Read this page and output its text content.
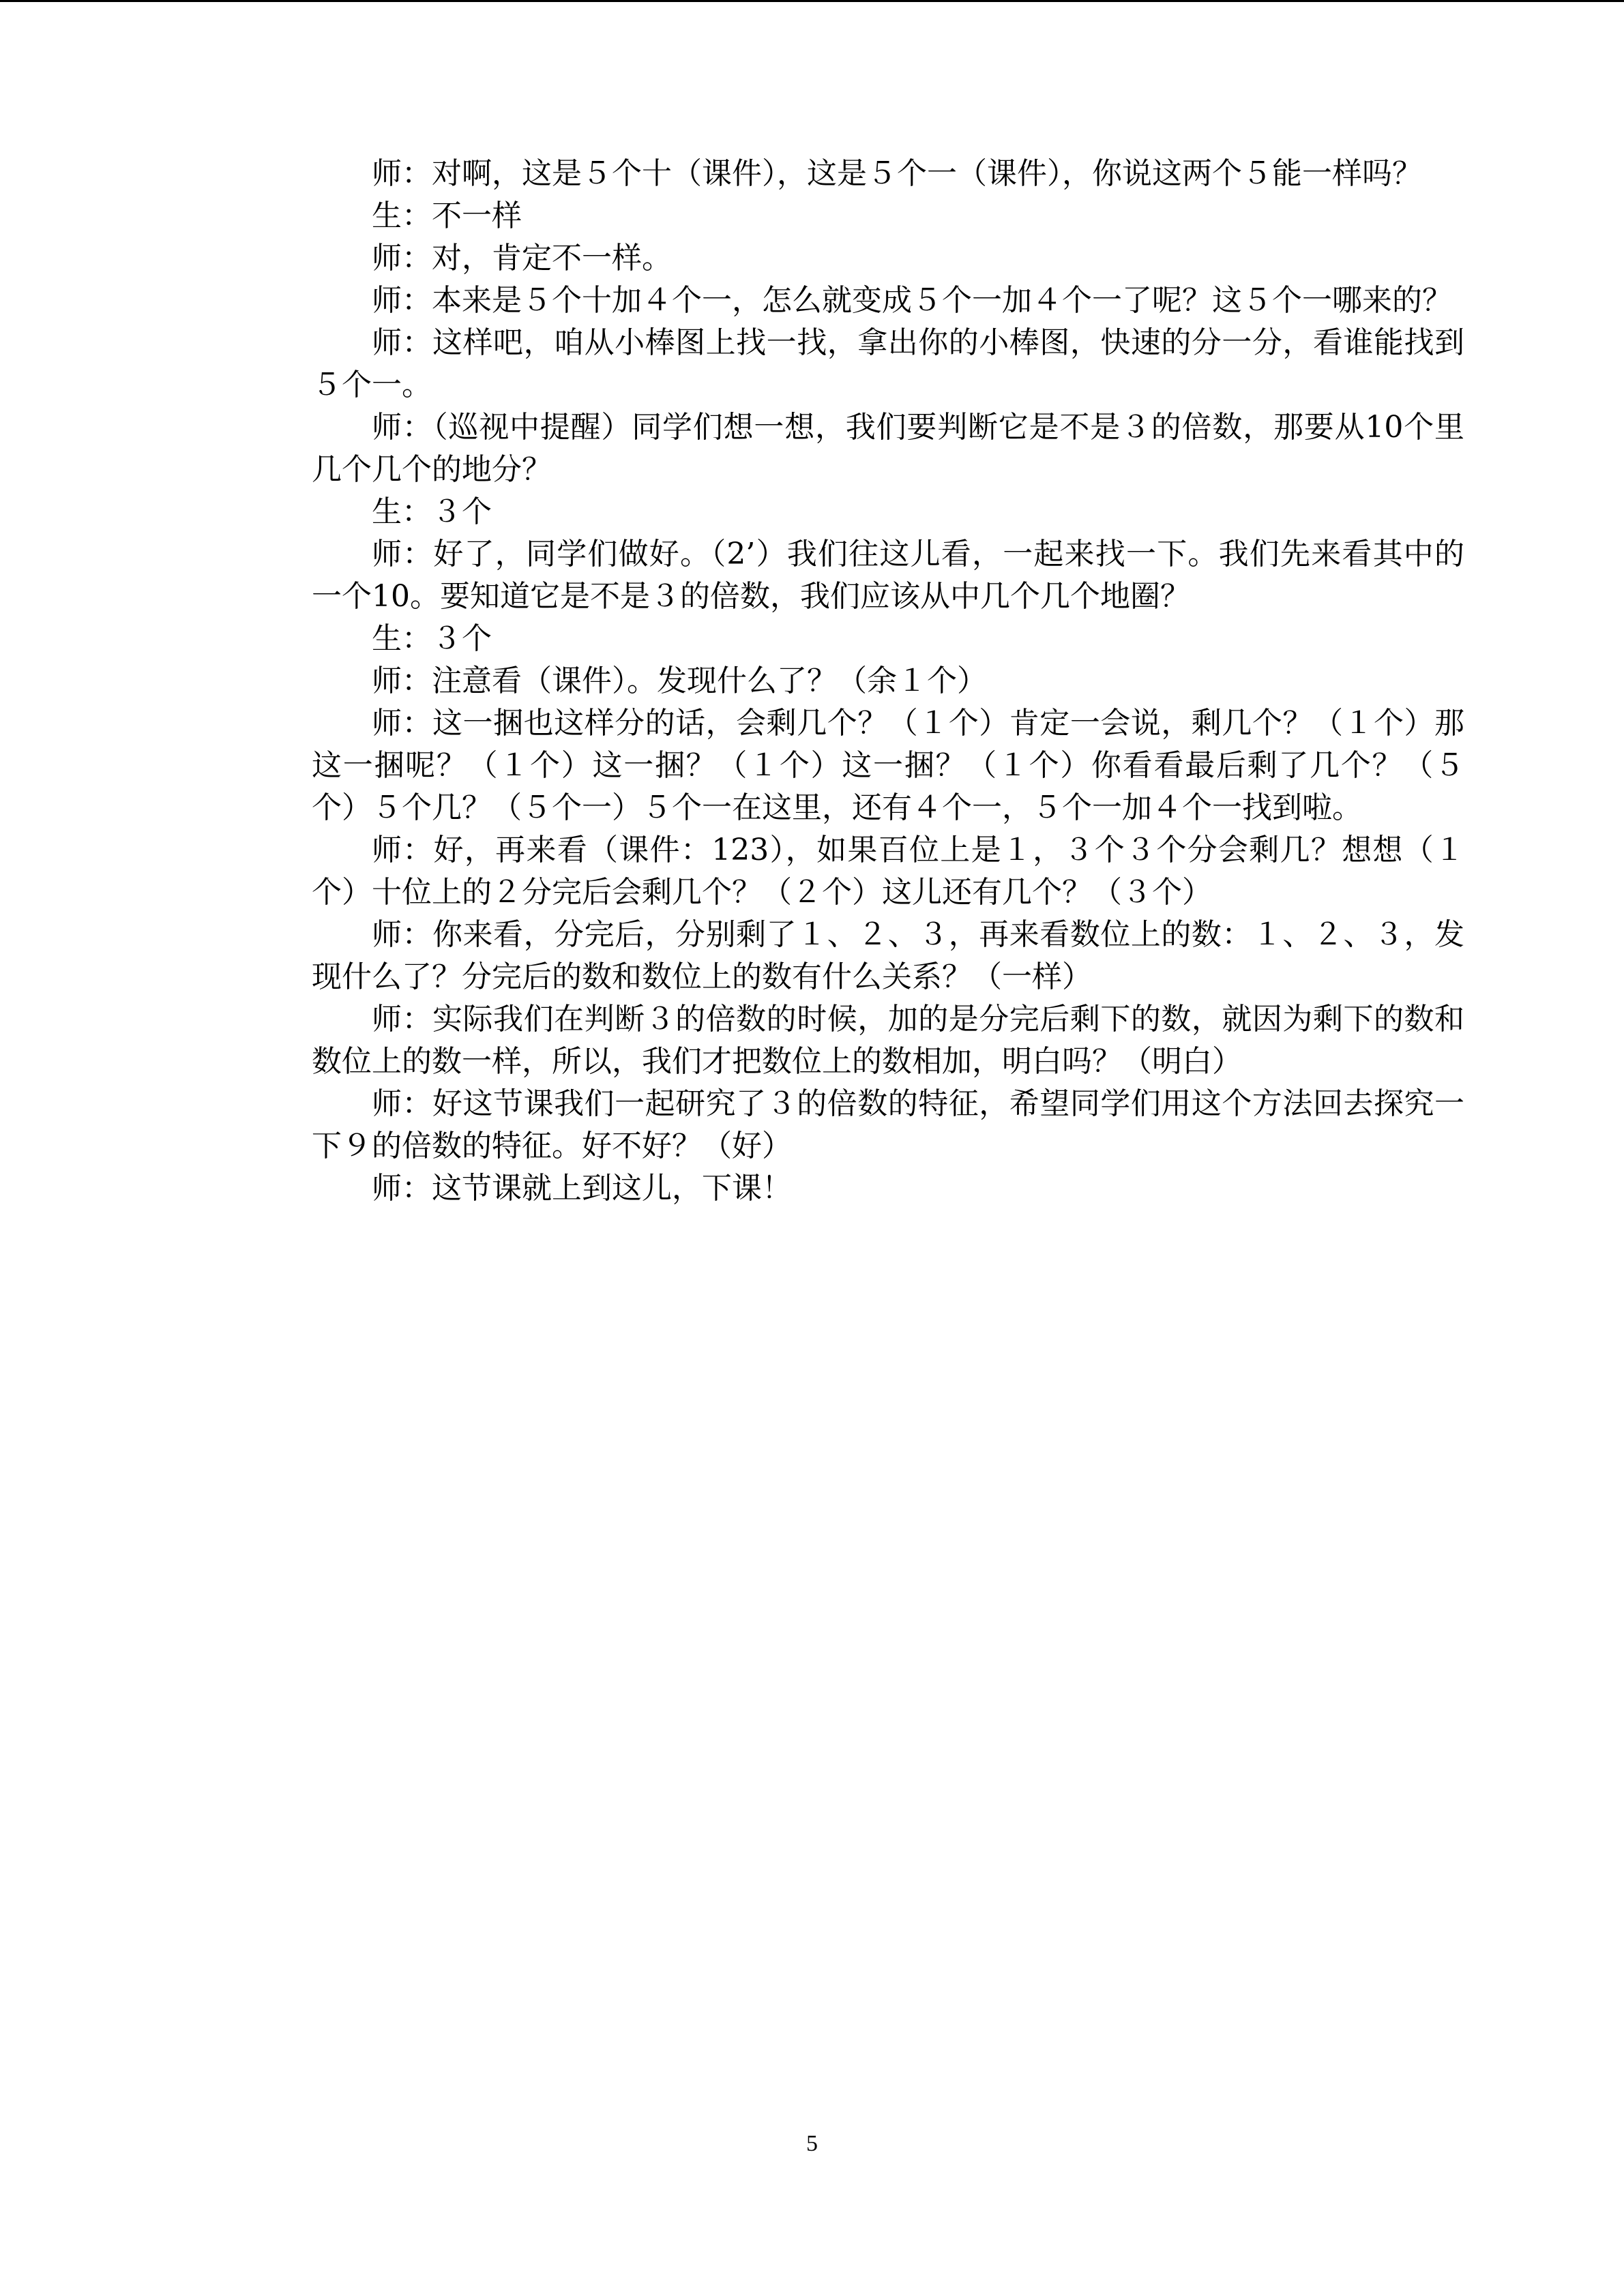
师：对啊，这是５个十（课件），这是５个一（课件），你说这两个５能一样吗？

生：不一样

师：对，肯定不一样。

师：本来是５个十加４个一，怎么就变成５个一加４个一了呢？这５个一哪来的？

师：这样吧，咱从小棒图上找一找，拿出你的小棒图，快速的分一分，看谁能找到５个一。

师：（巡视中提醒）同学们想一想，我们要判断它是不是３的倍数，那要从10个里几个几个的地分？

生：３个

师：好了，同学们做好。（2’）我们往这儿看，一起来找一下。我们先来看其中的一个10。要知道它是不是３的倍数，我们应该从中几个几个地圈？

生：３个

师：注意看（课件）。发现什么了？（余１个）

师：这一捆也这样分的话，会剩几个？（１个）肯定一会说，剩几个？（１个）那这一捆呢？（１个）这一捆？（１个）这一捆？（１个）你看看最后剩了几个？（５个）５个几？（５个一）５个一在这里，还有４个一，５个一加４个一找到啦。

师：好，再来看（课件：123），如果百位上是１，３个３个分会剩几？想想（１个）十位上的２分完后会剩几个？（２个）这儿还有几个？（３个）

师：你来看，分完后，分别剩了１、２、３，再来看数位上的数：１、２、３，发现什么了？分完后的数和数位上的数有什么关系？（一样）

师：实际我们在判断３的倍数的时候，加的是分完后剩下的数，就因为剩下的数和数位上的数一样，所以，我们才把数位上的数相加，明白吗？（明白）

师：好这节课我们一起研究了３的倍数的特征，希望同学们用这个方法回去探究一下９的倍数的特征。好不好？（好）

师：这节课就上到这儿，下课！

5
